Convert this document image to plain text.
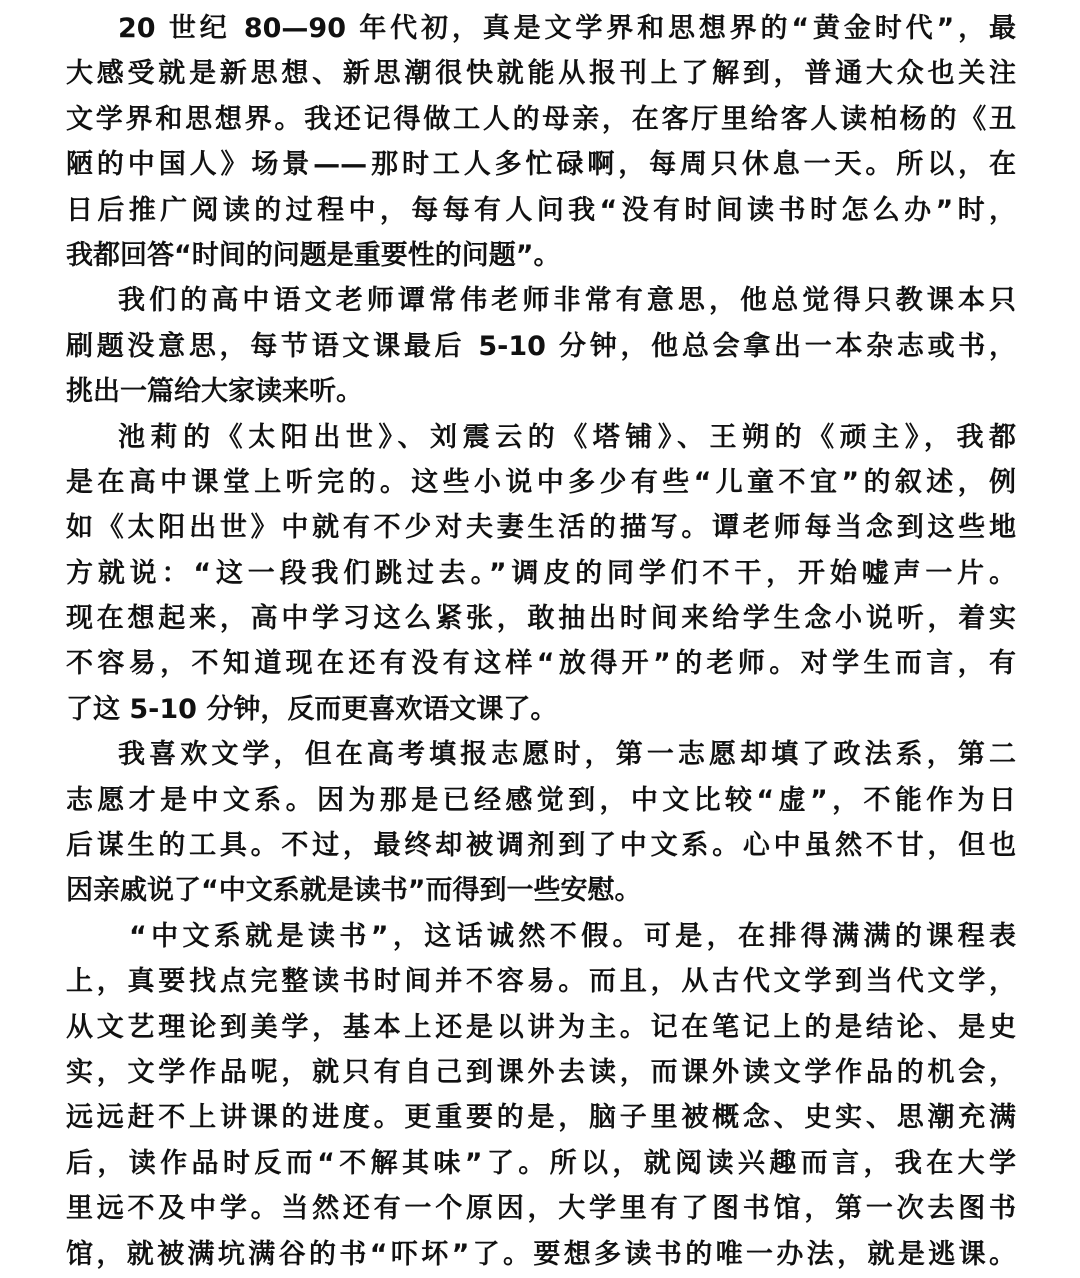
20 世纪 80—90 年代初，真是文学界和思想界的“黄金时代”，最
大感受就是新思想、新思潮很快就能从报刊上了解到，普通大众也关注
文学界和思想界。我还记得做工人的母亲，在客厅里给客人读柏杨的《丑
陋的中国人》场景——那时工人多忙碌啊，每周只休息一天。所以，在
日后推广阅读的过程中，每每有人问我“没有时间读书时怎么办”时，
我都回答“时间的问题是重要性的问题”。
我们的高中语文老师谭常伟老师非常有意思，他总觉得只教课本只
刷题没意思，每节语文课最后 5-10 分钟，他总会拿出一本杂志或书，
挑出一篇给大家读来听。
池莉的《太阳出世》、刘震云的《塔铺》、王朔的《顽主》，我都
是在高中课堂上听完的。这些小说中多少有些“儿童不宜”的叙述，例
如《太阳出世》中就有不少对夫妻生活的描写。谭老师每当念到这些地
方就说：“这一段我们跳过去。”调皮的同学们不干，开始嘘声一片。
现在想起来，高中学习这么紧张，敢抽出时间来给学生念小说听，着实
不容易，不知道现在还有没有这样“放得开”的老师。对学生而言，有
了这 5-10 分钟，反而更喜欢语文课了。
我喜欢文学，但在高考填报志愿时，第一志愿却填了政法系，第二
志愿才是中文系。因为那是已经感觉到，中文比较“虚”，不能作为日
后谋生的工具。不过，最终却被调剂到了中文系。心中虽然不甘，但也
因亲戚说了“中文系就是读书”而得到一些安慰。
“中文系就是读书”，这话诚然不假。可是，在排得满满的课程表
上，真要找点完整读书时间并不容易。而且，从古代文学到当代文学，
从文艺理论到美学，基本上还是以讲为主。记在笔记上的是结论、是史
实，文学作品呢，就只有自己到课外去读，而课外读文学作品的机会，
远远赶不上讲课的进度。更重要的是，脑子里被概念、史实、思潮充满
后，读作品时反而“不解其味”了。所以，就阅读兴趣而言，我在大学
里远不及中学。当然还有一个原因，大学里有了图书馆，第一次去图书
馆，就被满坑满谷的书“吓坏”了。要想多读书的唯一办法，就是逃课。
